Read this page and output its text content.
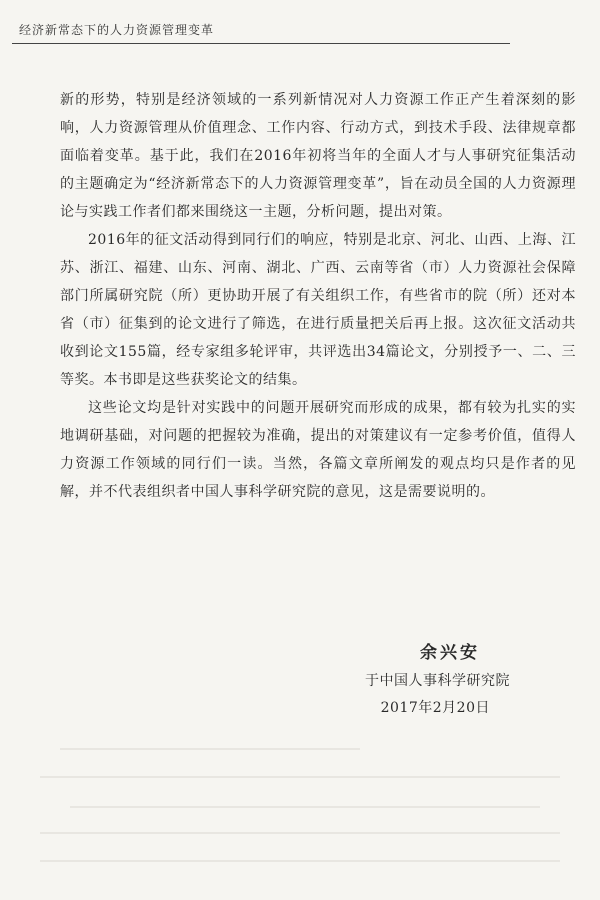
经济新常态下的人力资源管理变革

新的形势，特别是经济领域的一系列新情况对人力资源工作正产生着深刻的影响，人力资源管理从价值理念、工作内容、行动方式，到技术手段、法律规章都面临着变革。基于此，我们在2016年初将当年的全面人才与人事研究征集活动的主题确定为“经济新常态下的人力资源管理变革”，旨在动员全国的人力资源理论与实践工作者们都来围绕这一主题，分析问题，提出对策。

2016年的征文活动得到同行们的响应，特别是北京、河北、山西、上海、江苏、浙江、福建、山东、河南、湖北、广西、云南等省（市）人力资源社会保障部门所属研究院（所）更协助开展了有关组织工作，有些省市的院（所）还对本省（市）征集到的论文进行了筛选，在进行质量把关后再上报。这次征文活动共收到论文155篇，经专家组多轮评审，共评选出34篇论文，分别授予一、二、三等奖。本书即是这些获奖论文的结集。

这些论文均是针对实践中的问题开展研究而形成的成果，都有较为扎实的实地调研基础，对问题的把握较为准确，提出的对策建议有一定参考价值，值得人力资源工作领域的同行们一读。当然，各篇文章所阐发的观点均只是作者的见解，并不代表组织者中国人事科学研究院的意见，这是需要说明的。

余兴安
于中国人事科学研究院
2017年2月20日
